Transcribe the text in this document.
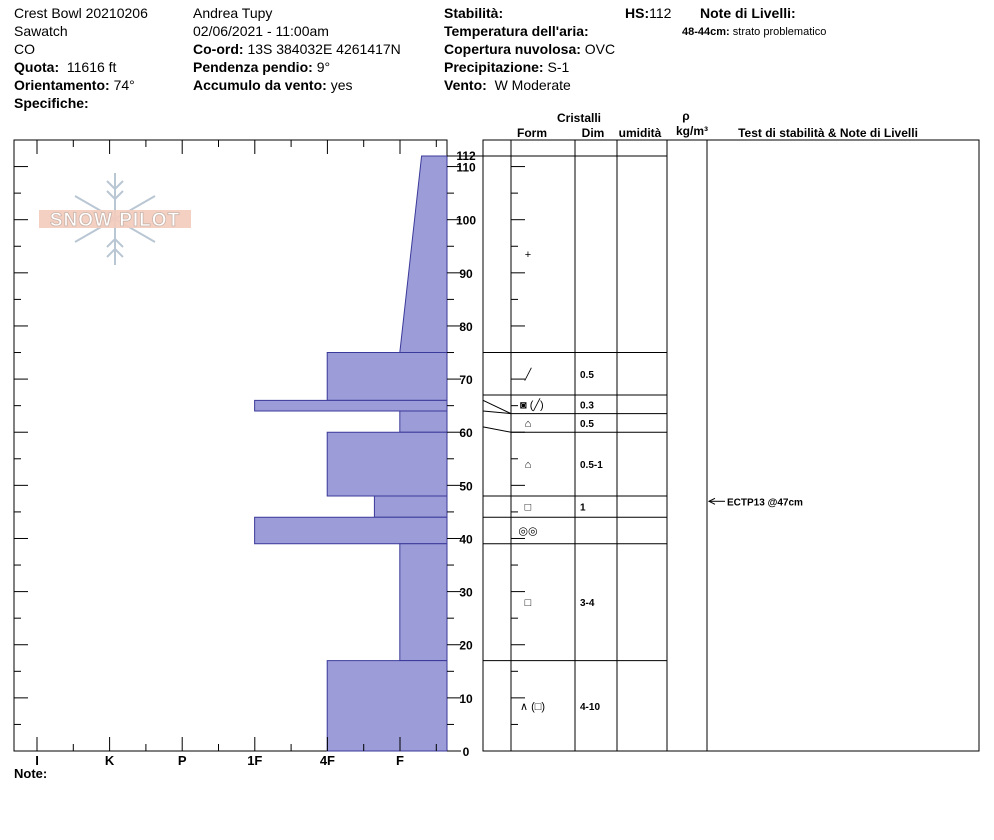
Crest Bowl 20210206
Sawatch
CO
Quota: 11616 ft
Orientamento: 74°
Specifiche:
Andrea Tupy
02/06/2021 - 11:00am
Co-ord: 13S 384032E 4261417N
Pendenza pendio: 9°
Accumulo da vento: yes
Stabilità:
Temperatura dell'aria:
Copertura nuvolosa: OVC
Precipitazione: S-1
Vento: W Moderate
HS:112 Note di Livelli:
48-44cm: strato problematico
SNOW PILOT
I	K	P	1F	4F	F
0
10
20
30
40
50
60
70
80
90
100
110
112
+
╱	0.5
◙ (╱)	0.3
⌂	0.5
⌂	0.5-1
□	1
◎◎
□	3-4
∧ (□)	4-10
ECTP13 @47cm
Cristalli
Form	Dim umidità
ρ
kg/m³	Test di stabilità & Note di Livelli
Note:
